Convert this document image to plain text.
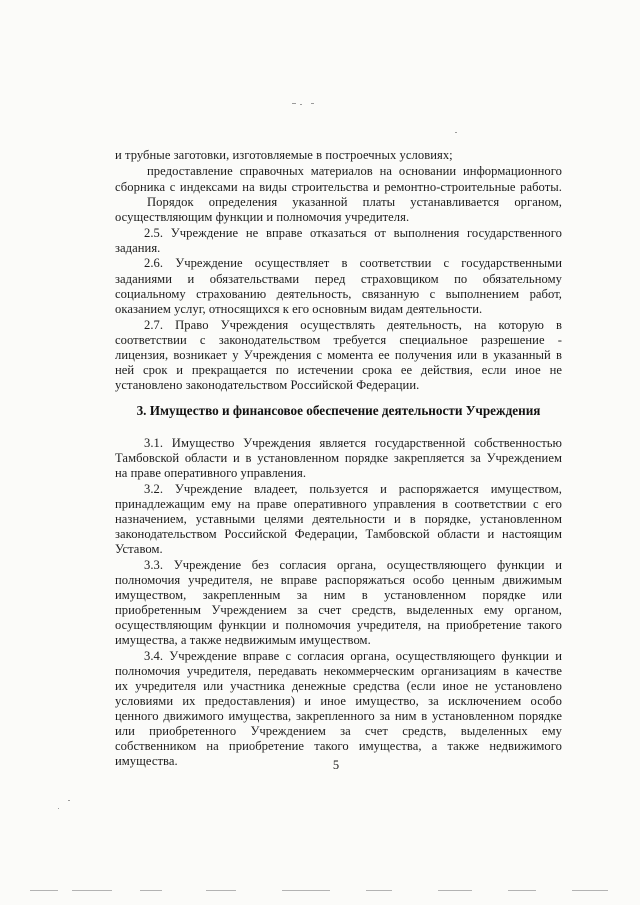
и трубные заготовки, изготовляемые в построечных условиях;
предоставление справочных материалов на основании информационного
сборника с индексами на виды строительства и ремонтно-строительные работы.
Порядок определения указанной платы устанавливается органом,
осуществляющим функции и полномочия учредителя.
2.5. Учреждение не вправе отказаться от выполнения государственного
задания.
2.6. Учреждение осуществляет в соответствии с государственными
заданиями и обязательствами перед страховщиком по обязательному
социальному страхованию деятельность, связанную с выполнением работ,
оказанием услуг, относящихся к его основным видам деятельности.
2.7. Право Учреждения осуществлять деятельность, на которую в
соответствии с законодательством требуется специальное разрешение -
лицензия, возникает у Учреждения с момента ее получения или в указанный в
ней срок и прекращается по истечении срока ее действия, если иное не
установлено законодательством Российской Федерации.
3. Имущество и финансовое обеспечение деятельности Учреждения
3.1. Имущество Учреждения является государственной собственностью
Тамбовской области и в установленном порядке закрепляется за Учреждением
на праве оперативного управления.
3.2. Учреждение владеет, пользуется и распоряжается имуществом,
принадлежащим ему на праве оперативного управления в соответствии с его
назначением, уставными целями деятельности и в порядке, установленном
законодательством Российской Федерации, Тамбовской области и настоящим
Уставом.
3.3. Учреждение без согласия органа, осуществляющего функции и
полномочия учредителя, не вправе распоряжаться особо ценным движимым
имуществом, закрепленным за ним в установленном порядке или
приобретенным Учреждением за счет средств, выделенных ему органом,
осуществляющим функции и полномочия учредителя, на приобретение такого
имущества, а также недвижимым имуществом.
3.4. Учреждение вправе с согласия органа, осуществляющего функции и
полномочия учредителя, передавать некоммерческим организациям в качестве
их учредителя или участника денежные средства (если иное не установлено
условиями их предоставления) и иное имущество, за исключением особо
ценного движимого имущества, закрепленного за ним в установленном порядке
или приобретенного Учреждением за счет средств, выделенных ему
собственником на приобретение такого имущества, а также недвижимого
имущества.	5
